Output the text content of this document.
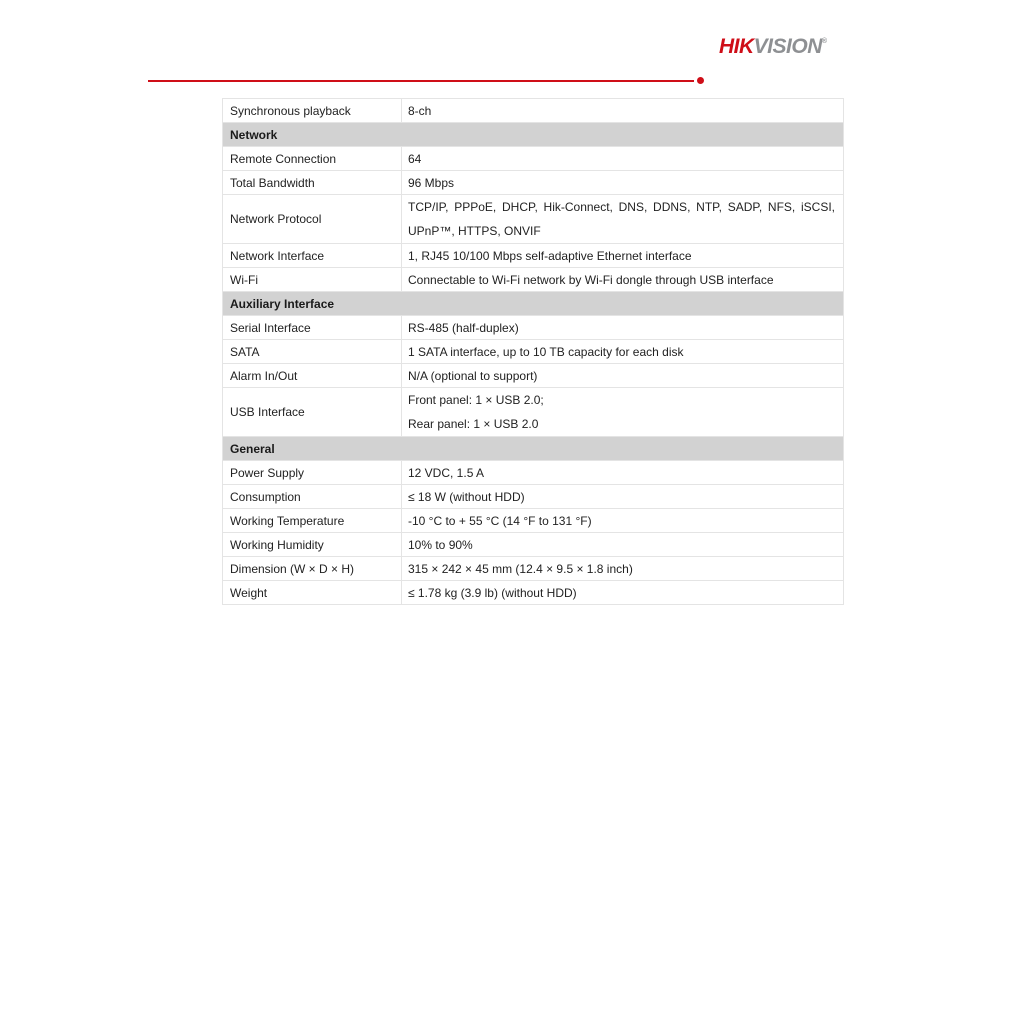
HIKVISION®
Synchronous playback	8-ch
Network	
Remote Connection	64
Total Bandwidth	96 Mbps
Network Protocol	TCP/IP, PPPoE, DHCP, Hik-Connect, DNS, DDNS, NTP, SADP, NFS, iSCSI, UPnP™, HTTPS, ONVIF
Network Interface	1, RJ45 10/100 Mbps self-adaptive Ethernet interface
Wi-Fi	Connectable to Wi-Fi network by Wi-Fi dongle through USB interface
Auxiliary Interface	
Serial Interface	RS-485 (half-duplex)
SATA	1 SATA interface, up to 10 TB capacity for each disk
Alarm In/Out	N/A (optional to support)
USB Interface	Front panel: 1 × USB 2.0;
Rear panel: 1 × USB 2.0

General	
Power Supply	12 VDC, 1.5 A
Consumption	≤ 18 W (without HDD)
Working Temperature	-10 °C to + 55 °C (14 °F to 131 °F)
Working Humidity	10% to 90%
Dimension (W × D × H)	315 × 242 × 45 mm (12.4 × 9.5 × 1.8 inch)
Weight	≤ 1.78 kg (3.9 lb) (without HDD)
